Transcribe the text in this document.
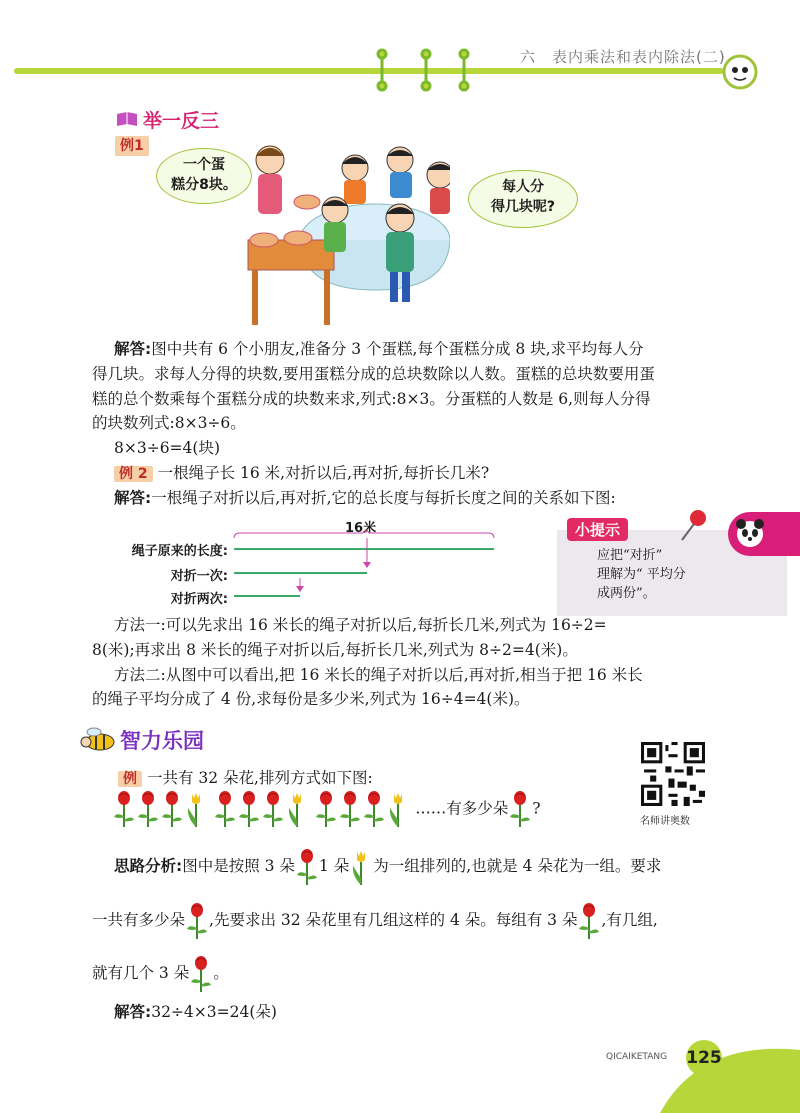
六　表内乘法和表内除法(二)
举一反三
例1
一个蛋
糕分8块。	每人分
得几块呢?
解答:图中共有 6 个小朋友,准备分 3 个蛋糕,每个蛋糕分成 8 块,求平均每人分
得几块。求每人分得的块数,要用蛋糕分成的总块数除以人数。蛋糕的总块数要用蛋
糕的总个数乘每个蛋糕分成的块数来求,列式:8×3。分蛋糕的人数是 6,则每人分得
的块数列式:8×3÷6。
8×3÷6=4(块)
例 2 一根绳子长 16 米,对折以后,再对折,每折长几米?
解答:一根绳子对折以后,再对折,它的总长度与每折长度之间的关系如下图:
16米
绳子原来的长度:
对折一次:
对折两次:
小提示
应把“对折”
理解为“ 平均分
成两份”。
方法一:可以先求出 16 米长的绳子对折以后,每折长几米,列式为 16÷2=
8(米);再求出 8 米长的绳子对折以后,每折长几米,列式为 8÷2=4(米)。
方法二:从图中可以看出,把 16 米长的绳子对折以后,再对折,相当于把 16 米长
的绳子平均分成了 4 份,求每份是多少米,列式为 16÷4=4(米)。
智力乐园
例 一共有 32 朵花,排列方式如下图:
……有多少朵 ?
名师讲奥数
思路分析:图中是按照 3 朵 1 朵 为一组排列的,也就是 4 朵花为一组。要求
一共有多少朵 ,先要求出 32 朵花里有几组这样的 4 朵。每组有 3 朵 ,有几组,
就有几个 3 朵 。
解答:32÷4×3=24(朵)
QICAIKETANG 125
